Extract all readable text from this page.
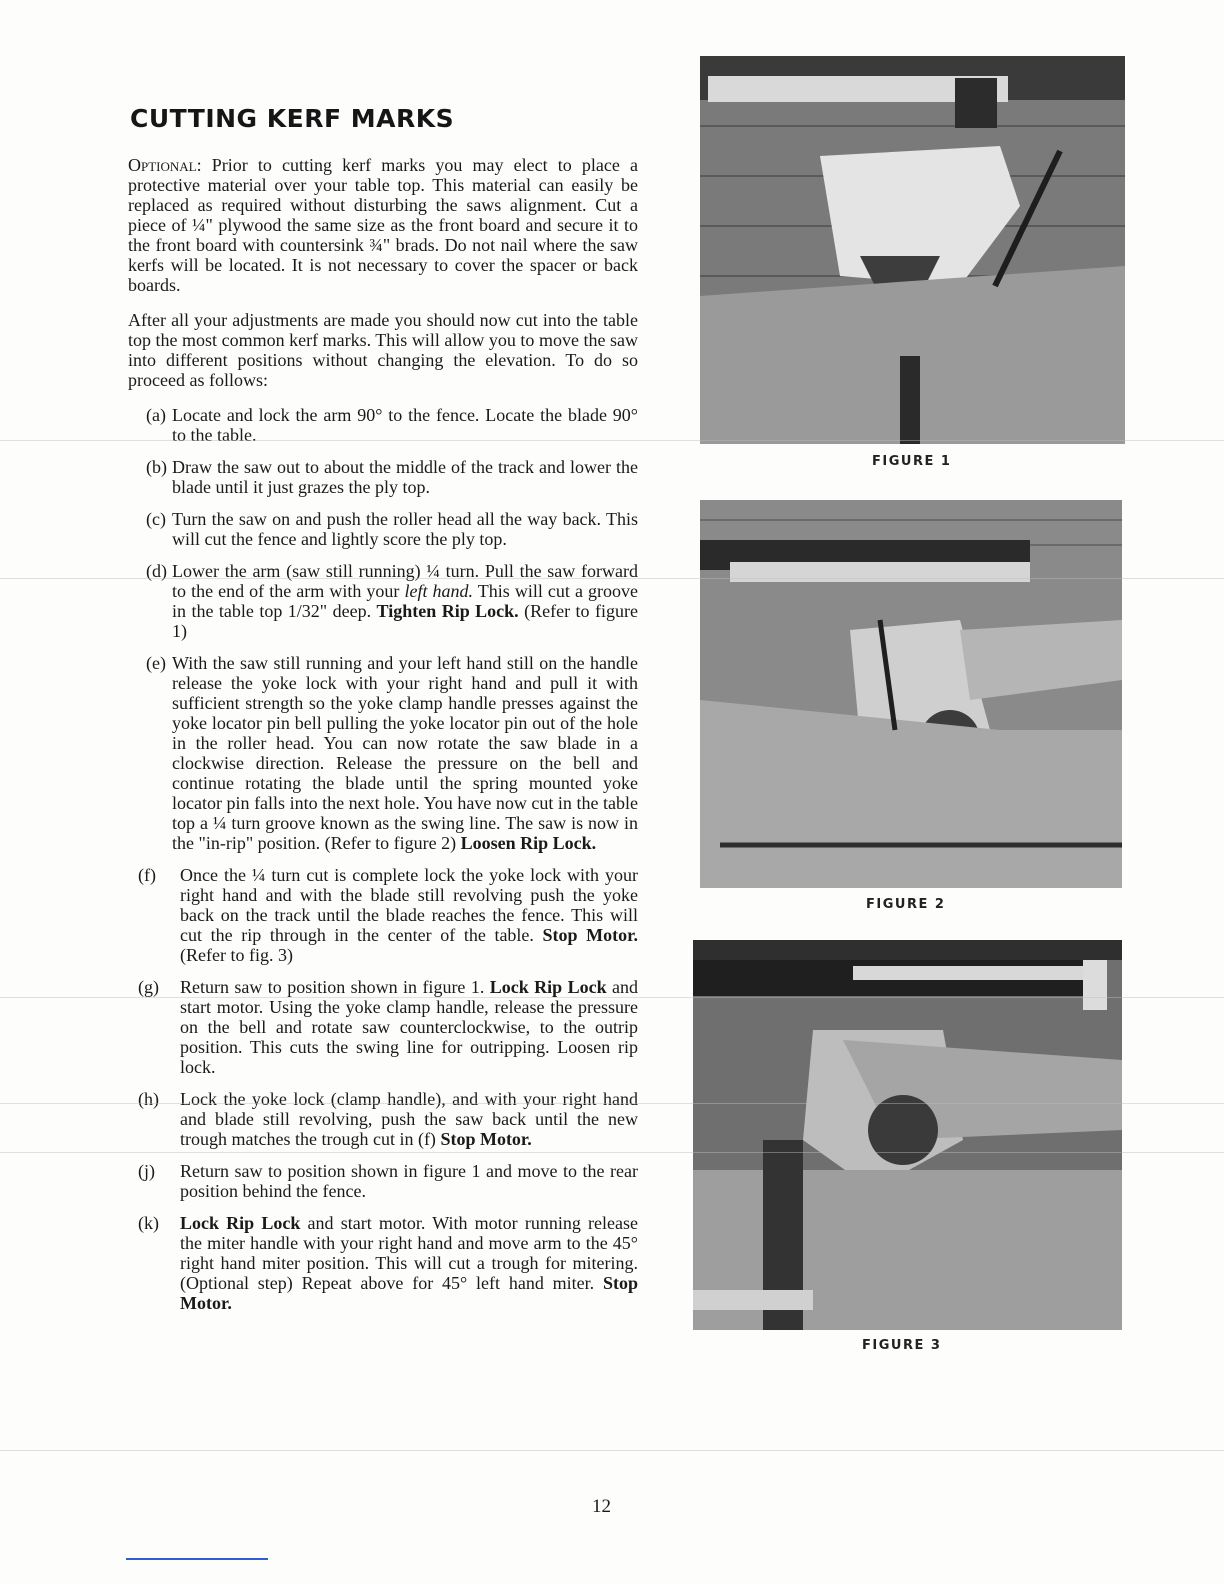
CUTTING KERF MARKS

Optional: Prior to cutting kerf marks you may elect to place a protective material over your table top. This material can easily be replaced as required without disturbing the saws alignment. Cut a piece of ¼" plywood the same size as the front board and secure it to the front board with countersink ¾" brads. Do not nail where the saw kerfs will be located. It is not necessary to cover the spacer or back boards.

After all your adjustments are made you should now cut into the table top the most common kerf marks. This will allow you to move the saw into different positions without changing the elevation. To do so proceed as follows:

(a) Locate and lock the arm 90° to the fence. Locate the blade 90° to the table.
(b) Draw the saw out to about the middle of the track and lower the blade until it just grazes the ply top.
(c) Turn the saw on and push the roller head all the way back. This will cut the fence and lightly score the ply top.
(d) Lower the arm (saw still running) ¼ turn. Pull the saw forward to the end of the arm with your left hand. This will cut a groove in the table top 1/32" deep. Tighten Rip Lock. (Refer to figure 1)
(e) With the saw still running and your left hand still on the handle release the yoke lock with your right hand and pull it with sufficient strength so the yoke clamp handle presses against the yoke locator pin bell pulling the yoke locator pin out of the hole in the roller head. You can now rotate the saw blade in a clockwise direction. Release the pressure on the bell and continue rotating the blade until the spring mounted yoke locator pin falls into the next hole. You have now cut in the table top a ¼ turn groove known as the swing line. The saw is now in the "in-rip" position. (Refer to figure 2) Loosen Rip Lock.
(f)	Once the ¼ turn cut is complete lock the yoke lock with your right hand and with the blade still revolving push the yoke back on the track until the blade reaches the fence. This will cut the rip through in the center of the table. Stop Motor. (Refer to fig. 3)
(g)	Return saw to position shown in figure 1. Lock Rip Lock and start motor. Using the yoke clamp handle, release the pressure on the bell and rotate saw counterclockwise, to the outrip position. This cuts the swing line for outripping. Loosen rip lock.
(h)	Lock the yoke lock (clamp handle), and with your right hand and blade still revolving, push the saw back until the new trough matches the trough cut in (f) Stop Motor.
(j)	Return saw to position shown in figure 1 and move to the rear position behind the fence.
(k)	Lock Rip Lock and start motor. With motor running release the miter handle with your right hand and move arm to the 45° right hand miter position. This will cut a trough for mitering. (Optional step) Repeat above for 45° left hand miter. Stop Motor.
FIGURE 1
FIGURE 2
FIGURE 3
12
